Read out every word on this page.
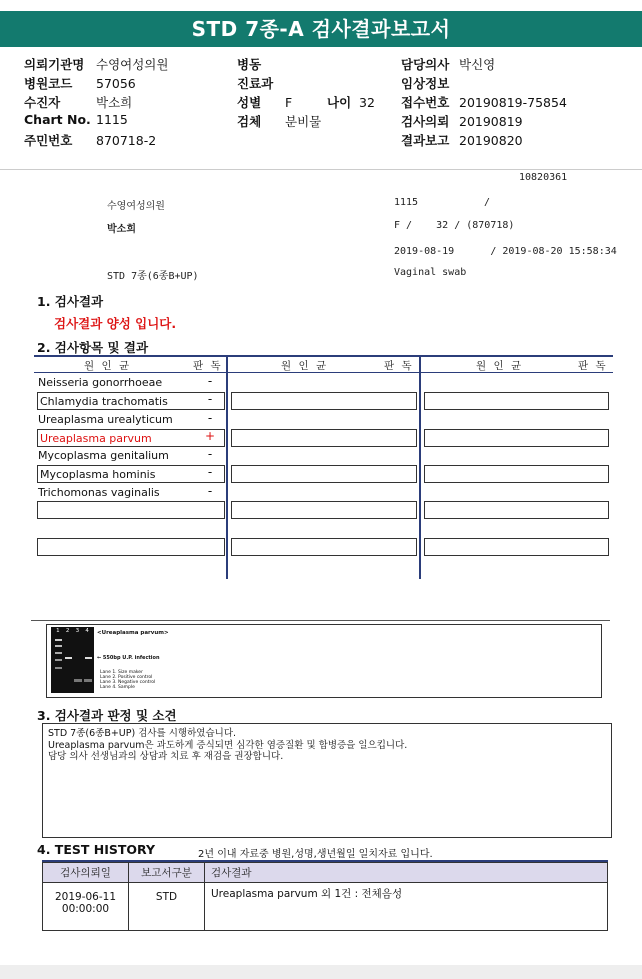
STD 7종-A 검사결과보고서
의뢰기관명 수영여성의원
병원코드 57056
수진자	박소희
Chart No. 1115
주민번호 870718-2
병동
진료과
성별 F	나이 32
검체 분비물
담당의사 박신영
임상정보
접수번호 20190819-75854
검사의뢰 20190819
결과보고 20190820
10820361
수영여성의원	1115	/
박소희	F /    32 / (870718)
2019-08-19      / 2019-08-20 15:58:34
STD 7종(6종B+UP)	Vaginal swab
1. 검사결과
검사결과 양성 입니다.
2. 검사항목 및 결과
원 인 균	판 독	원 인 균	판 독	원 인 균	판 독
Neisseria gonorrhoeae	-
Chlamydia trachomatis	-
Ureaplasma urealyticum	-
Ureaplasma parvum	+
Mycoplasma genitalium	-
Mycoplasma hominis	-
Trichomonas vaginalis	-
1 2 3 4 <Ureaplasma parvum>
← 550bp U.P. infection
Lane 1. Size maker
Lane 2. Positive control
Lane 3. Negative control
Lane 4. Sample
3. 검사결과 판정 및 소견
STD 7종(6종B+UP) 검사를 시행하였습니다.
Ureaplasma parvum은 과도하게 증식되면 심각한 염증질환 및 합병증을 일으킵니다.
담당 의사 선생님과의 상담과 치료 후 재검을 권장합니다.
4. TEST HISTORY	2년 이내 자료중 병원,성명,생년월일 일치자료 입니다.
검사의뢰일	보고서구분	검사결과

2019-06-11
00:00:00	STD	Ureaplasma parvum 외 1건 : 전체음성
